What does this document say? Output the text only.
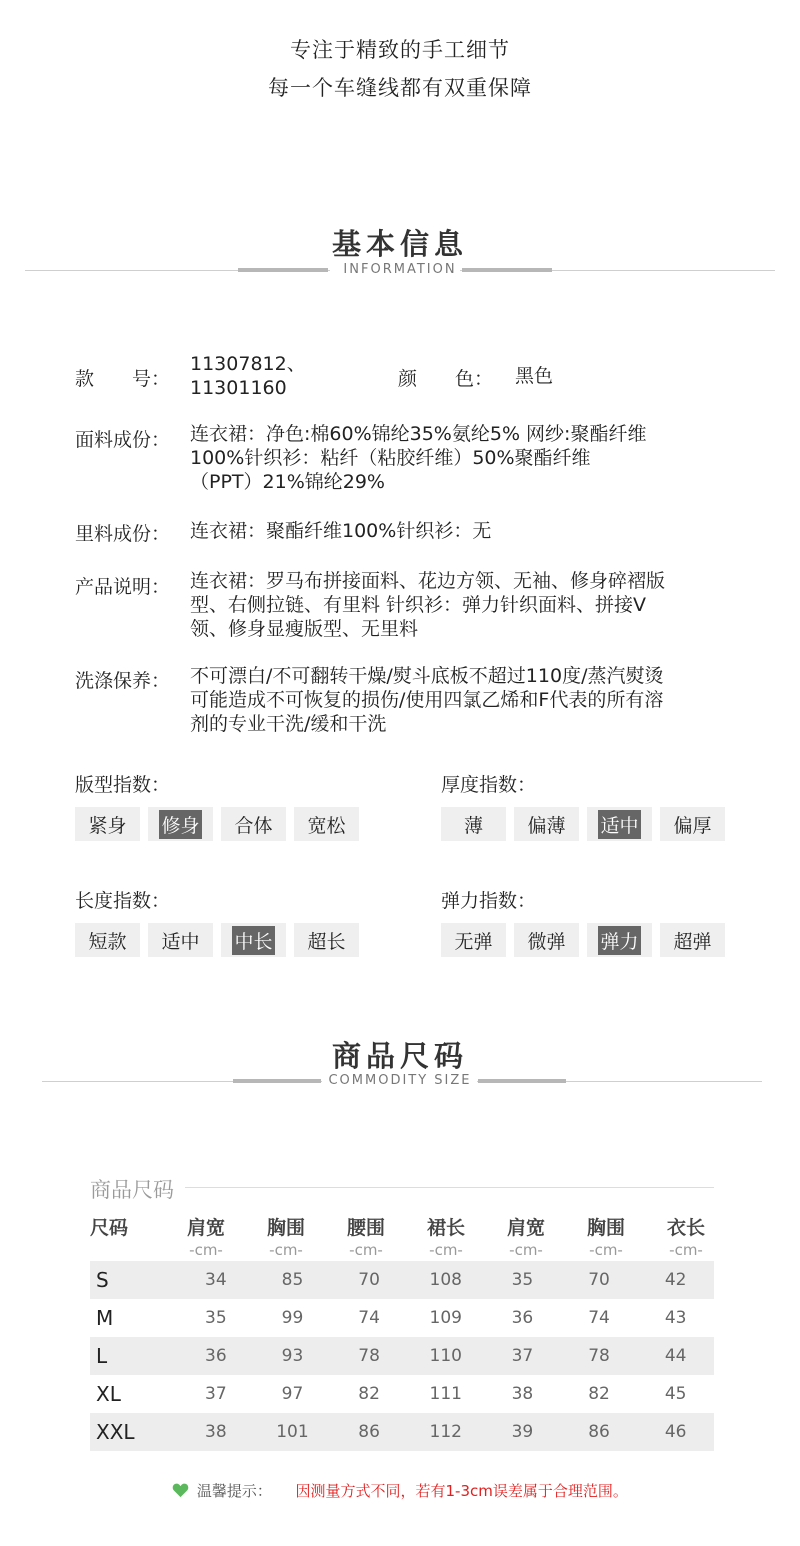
专注于精致的手工细节
每一个车缝线都有双重保障
基本信息
INFORMATION
款　　号：
11307812、
11301160	颜　　色： 黑色
面料成份： 连衣裙：净色:棉60%锦纶35%氨纶5% 网纱:聚酯纤维
100%针织衫：粘纤（粘胶纤维）50%聚酯纤维
（PPT）21%锦纶29%
里料成份： 连衣裙：聚酯纤维100%针织衫：无
产品说明： 连衣裙：罗马布拼接面料、花边方领、无袖、修身碎褶版
型、右侧拉链、有里料 针织衫：弹力针织面料、拼接V
领、修身显瘦版型、无里料
洗涤保养： 不可漂白/不可翻转干燥/熨斗底板不超过110度/蒸汽熨烫
可能造成不可恢复的损伤/使用四氯乙烯和F代表的所有溶
剂的专业干洗/缓和干洗
版型指数：
紧身 修身 合体 宽松
厚度指数：
薄 偏薄 适中 偏厚
长度指数：
短款 适中 中长 超长
弹力指数：
无弹 微弹 弹力 超弹
商品尺码
COMMODITY SIZE
商品尺码
尺码	肩宽	胸围	腰围	裙长	肩宽	胸围	衣长
-cm-	-cm-	-cm-	-cm-	-cm-	-cm-	-cm-
S	34	85	70	108	35	70	42
M	35	99	74	109	36	74	43
L	36	93	78	110	37	78	44
XL	37	97	82	111	38	82	45
XXL	38	101	86	112	39	86	46
温馨提示： 因测量方式不同，若有1-3cm误差属于合理范围。
